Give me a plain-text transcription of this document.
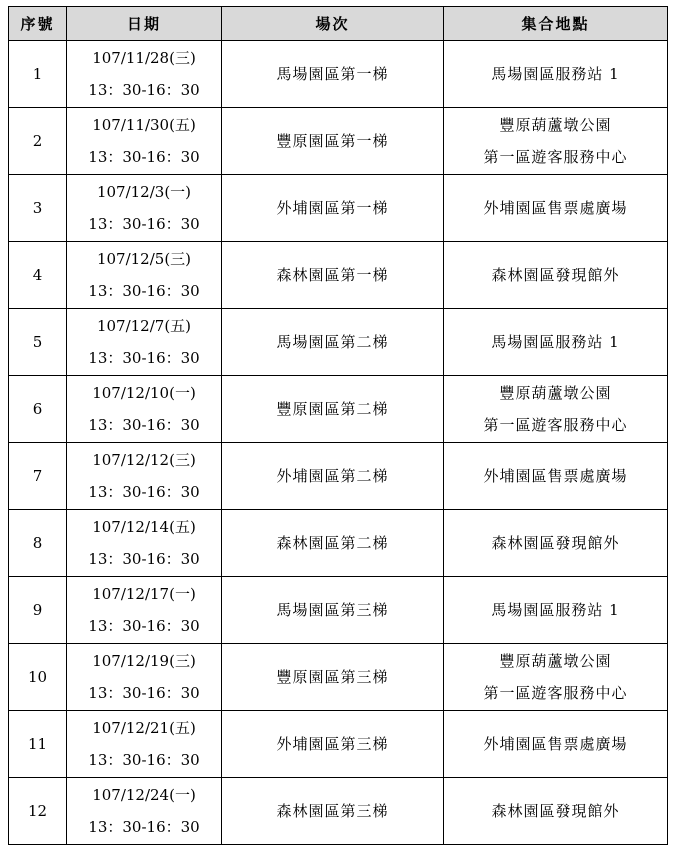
序號	日期	場次	集合地點
1	107/11/28(三)
13：30-16：30	馬場園區第一梯	馬場園區服務站 1

2	107/11/30(五)
13：30-16：30	豐原園區第一梯	豐原葫蘆墩公園
第一區遊客服務中心

3	107/12/3(一)
13：30-16：30	外埔園區第一梯	外埔園區售票處廣場

4	107/12/5(三)
13：30-16：30	森林園區第一梯	森林園區發現館外

5	107/12/7(五)
13：30-16：30	馬場園區第二梯	馬場園區服務站 1

6	107/12/10(一)
13：30-16：30	豐原園區第二梯	豐原葫蘆墩公園
第一區遊客服務中心

7	107/12/12(三)
13：30-16：30	外埔園區第二梯	外埔園區售票處廣場

8	107/12/14(五)
13：30-16：30	森林園區第二梯	森林園區發現館外

9	107/12/17(一)
13：30-16：30	馬場園區第三梯	馬場園區服務站 1

10	107/12/19(三)
13：30-16：30	豐原園區第三梯	豐原葫蘆墩公園
第一區遊客服務中心

11	107/12/21(五)
13：30-16：30	外埔園區第三梯	外埔園區售票處廣場

12	107/12/24(一)
13：30-16：30	森林園區第三梯	森林園區發現館外
